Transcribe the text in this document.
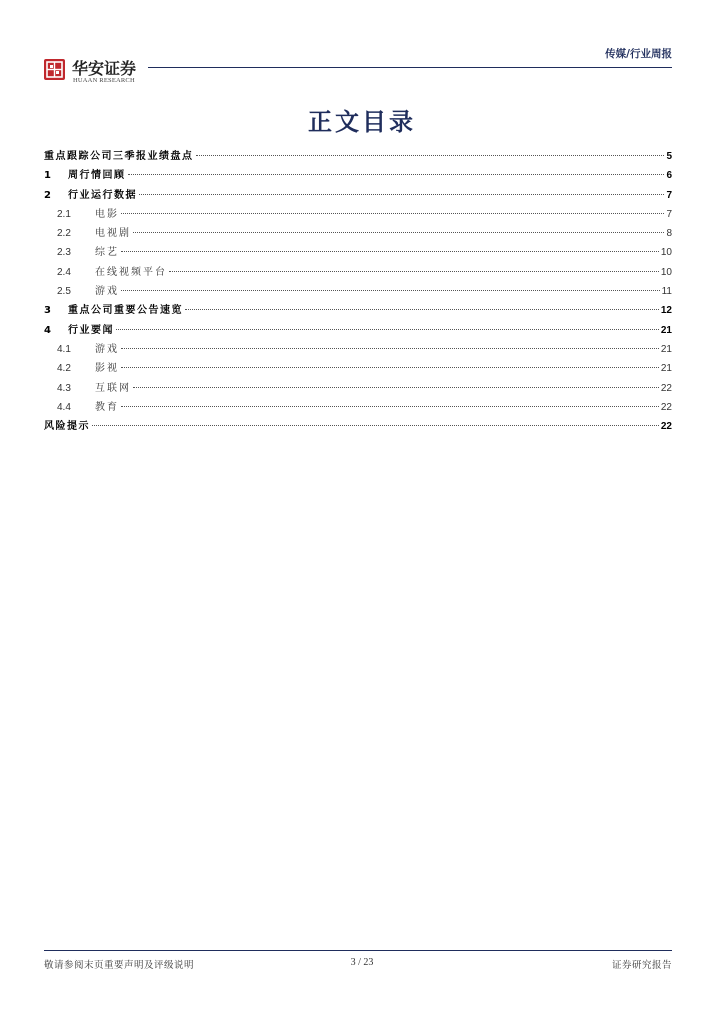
华安证券
HUAAN RESEARCH
传媒/行业周报
正文目录
重点跟踪公司三季报业绩盘点	5
1	周行情回顾	6
2	行业运行数据	7
2.1	电影	7
2.2	电视剧	8
2.3	综艺	10
2.4	在线视频平台	10
2.5	游戏	11
3	重点公司重要公告速览	12
4	行业要闻	21
4.1	游戏	21
4.2	影视	21
4.3	互联网	22
4.4	教育	22
风险提示	22
敬请参阅末页重要声明及评级说明	3 / 23	证券研究报告
